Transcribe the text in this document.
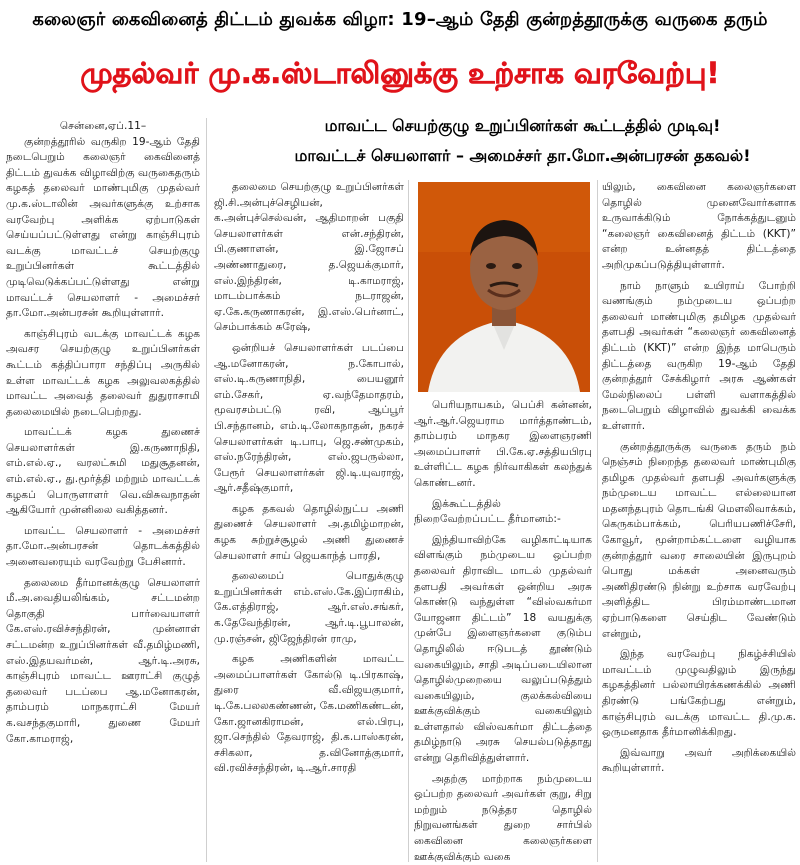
கலைஞர் கைவினைத் திட்டம் துவக்க விழா: 19–ஆம் தேதி குன்றத்தூருக்கு வருகை தரும்
முதல்வர் மு.க.ஸ்டாலினுக்கு உற்சாக வரவேற்பு!
மாவட்ட செயற்குழு உறுப்பினர்கள் கூட்டத்தில் முடிவு!
மாவட்டச் செயலாளர் – அமைச்சர் தா.மோ.அன்பரசன் தகவல்!

சென்னை,ஏப்.11–

குன்றத்தூரில் வருகிற 19-ஆம் தேதி நடைபெறும் கலைஞர் கைவினைத் திட்டம் துவக்க விழாவிற்கு வருகைதரும் கழகத் தலைவர் மாண்புமிகு முதல்வர் மு.க.ஸ்டாலின் அவர்களுக்கு உற்சாக வரவேற்பு அளிக்க ஏற்பாடுகள் செய்யப்பட்டுள்ளது என்று காஞ்சிபுரம் வடக்கு மாவட்டச் செயற்குழு உறுப்பினர்கள் கூட்டத்தில் முடிவெடுக்கப்பட்டுள்ளது என்று மாவட்டச் செயலாளர் - அமைச்சர் தா.மோ.அன்பரசன் கூறியுள்ளார்.

காஞ்சிபுரம் வடக்கு மாவட்டக் கழக அவசர செயற்குழு உறுப்பினர்கள் கூட்டம் கத்திப்பாரா சந்திப்பு அருகில் உள்ள மாவட்டக் கழக அலுவலகத்தில் மாவட்ட அவைத் தலைவர் துதுராசாமி தலைமையில் நடைபெற்றது.

மாவட்டக் கழக துணைச் செயலாளர்கள் இ.கருணாநிதி, எம்.எல்.ஏ., வரலட்சுமி மதுசூதனன், எம்.எல்.ஏ., து.மூர்த்தி மற்றும் மாவட்டக் கழகப் பொருளாளர் வெ.விசுவநாதன் ஆகியோர் முன்னிலை வகித்தனர்.

மாவட்ட செயலாளர் - அமைச்சர் தா.மோ.அன்பரசன் தொடக்கத்தில் அனைவரையும் வரவேற்று பேசினார்.

தலைமை தீர்மானக்குழு செயலாளர் மீ.அ.வைதியலிங்கம், சட்டமன்ற தொகுதி பார்வையாளர் கே.எஸ்.ரவிச்சந்திரன், முன்னாள் சட்டமன்ற உறுப்பினர்கள் வீ.தமிழ்மணி, எஸ்.இதயவர்மன், ஆர்.டி.அரசு, காஞ்சிபுரம் மாவட்ட ஊராட்சி குழுத் தலைவர் படப்பை ஆ.மனோகரன், தாம்பரம் மாநகராட்சி மேயர் க.வசந்தகுமாரி, துணை மேயர் கோ.காமராஜ்,

தலைமை செயற்குழு உறுப்பினர்கள் ஜி.சி.அன்புச்செழியன், க.அன்புச்செல்வன், ஆதிமாறன் பகுதி செயலாளர்கள் என்.சந்திரன், பி.குணாளன், இ.ஜோசப் அண்ணாதுரை, த.ஜெயக்குமார், எஸ்.இந்திரன், டி.காமராஜ், மாடம்பாக்கம் நடராஜன், ஏ.கே.கருணாகரன், இ.எஸ்.பெர்னாட், செம்பாக்கம் சுரேஷ்,

ஒன்றியச் செயலாளர்கள் படப்பை ஆ.மனோகரன், ந.கோபால், எஸ்.டி.கருணாநிதி, பையனூர் எம்.சேகர், ஏ.வந்தேமாதரம், மூவரசம்பட்டு ரவி, ஆப்பூர் பி.சந்தானம், எம்.டி.லோகநாதன், நகரச் செயலாளர்கள் டி.பாபு, ஜெ.சண்முகம், எஸ்.நரேந்திரன், எஸ்.ஜபருல்லா, பேரூர் செயலாளர்கள் ஜி.டி.யுவராஜ், ஆர்.சதீஷ்குமார்,

கழக தகவல் தொழில்நுட்ப அணி துணைச் செயலாளர் அ.தமிழ்மாறன், கழக சுற்றுச்சூழல் அணி துணைச் செயலாளர் சாய் ஜெயகாந்த் பாரதி,

தலைமைப் பொதுக்குழு உறுப்பினர்கள் எம்.எஸ்.கே.இப்ராகிம், கே.எத்திராஜ், ஆர்.எஸ்.சங்கர், க.தேவேந்திரன், ஆர்.டி.பூபாலன், மு.ரஞ்சன், ஜிஜேந்திரன் ராமு,

கழக அணிகளின் மாவட்ட அமைப்பாளர்கள் கோல்டு டி.பிரகாஷ், துரை வீ.விஜயகுமார், டி.கே.பலலகண்ணன், கே.மணிகண்டன், கோ.ஜானகிராமன், எல்.பிரபு, ஜா.செந்தில் தேவராஜ், தி.க.பாஸ்கரன், சசிகலா, த.வினோத்குமார், வி.ரவிச்சந்திரன், டி.ஆர்.சாரதி

பெரியநாயகம், பெப்சி கன்னன், ஆர்.ஆர்.ஜெயராம மார்த்தாண்டம், தாம்பரம் மாநகர இளைஞரணி அமைப்பாளர் பி.கே.ஏ.சத்தியபிரபு உள்ளிட்ட கழக நிர்வாகிகள் கலந்துக் கொண்டனர்.

இக்கூட்டத்தில் நிறைவேற்றப்பட்ட தீர்மானம்:-

இந்தியாவிற்கே வழிகாட்டியாக விளங்கும் நம்முடைய ஒப்பற்ற தலைவர் திராவிட மாடல் முதல்வர் தளபதி அவர்கள் ஒன்றிய அரசு கொண்டு வந்துள்ள “விஸ்வகர்மா யோஜனா திட்டம்” 18 வயதுக்கு முன்பே இளைஞர்களை குடும்ப தொழிலில் ஈடுபடத் தூண்டும் வகையிலும், சாதி அடிப்படையிலான தொழில்முறையை வலுப்படுத்தும் வகையிலும், குலக்கல்வியை ஊக்குவிக்கும் வகையிலும் உள்ளதால் விஸ்வகர்மா திட்டத்தை தமிழ்நாடு அரசு செயல்படுத்தாது என்று தெரிவித்துள்ளார்.

அதற்கு மாற்றாக நம்முடைய ஒப்பற்ற தலைவர் அவர்கள் குறு, சிறு மற்றும் நடுத்தர தொழில் நிறுவனங்கள் துறை சார்பில் கைவினை கலைஞர்களை ஊக்குவிக்கும் வகை

யிலும், கைவினை கலைஞர்களை தொழில் முனைவோர்களாக உருவாக்கிடும் நோக்கத்துடனும் “கலைஞர் கைவினைத் திட்டம் (KKT)” என்ற உன்னதத் திட்டத்தை அறிமுகப்படுத்தியுள்ளார்.

நாம் நாளும் உயிராய் போற்றி வணங்கும் நம்முடைய ஒப்பற்ற தலைவர் மாண்புமிகு தமிழக முதல்வர் தளபதி அவர்கள் “கலைஞர் கைவினைத் திட்டம் (KKT)” என்ற இந்த மாபெரும் திட்டத்தை வருகிற 19-ஆம் தேதி குன்றத்தூர் சேக்கிழார் அரசு ஆண்கள் மேல்நிலைப் பள்ளி வளாகத்தில் நடைபெறும் விழாவில் துவக்கி வைக்க உள்ளார்.

குன்றத்தூருக்கு வருகை தரும் நம் நெஞ்சம் நிறைந்த தலைவர் மாண்புமிகு தமிழக முதல்வர் தளபதி அவர்களுக்கு நம்முடைய மாவட்ட எல்லையான மதனந்தபுரம் தொடங்கி மௌலிவாக்கம், கெருகம்பாக்கம், பெரியபணிச்சேரி, கோவூர், மூன்றாம்கட்டளை வழியாக குன்றத்தூர் வரை சாலையின் இருபுறம் பொது மக்கள் அனைவரும் அணிதிரண்டு நின்று உற்சாக வரவேற்பு அளித்திட பிரம்மாண்டமான ஏற்பாடுகளை செய்திட வேண்டும் என்றும்,

இந்த வரவேற்பு நிகழ்ச்சியில் மாவட்டம் முழுவதிலும் இருந்து கழகத்தினர் பல்லாயிரக்கணக்கில் அணி திரண்டு பங்கேற்பது என்றும், காஞ்சிபுரம் வடக்கு மாவட்ட தி.மு.க. ஒருமனதாக தீர்மானிக்கிறது.

இவ்வாறு அவர் அறிக்கையில் கூறியுள்ளார்.
